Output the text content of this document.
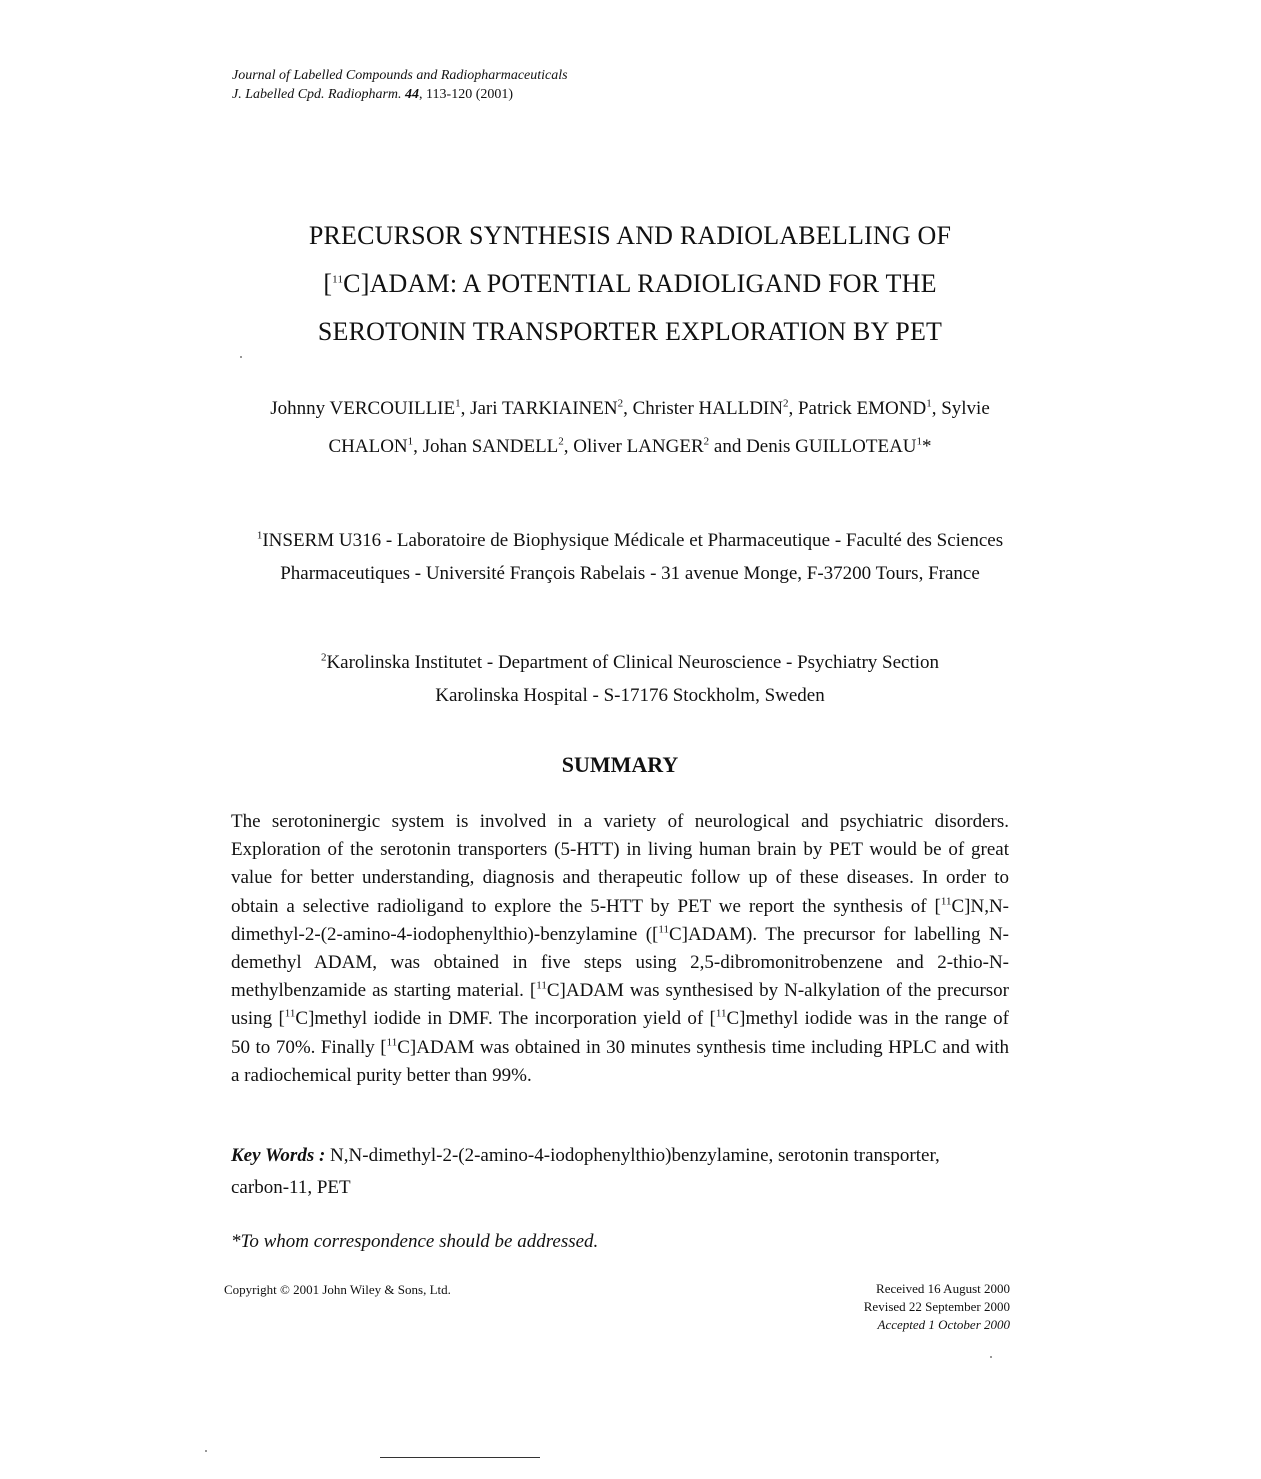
Journal of Labelled Compounds and Radiopharmaceuticals
J. Labelled Cpd. Radiopharm. 44, 113-120 (2001)
PRECURSOR SYNTHESIS AND RADIOLABELLING OF
[$^{11}$C]ADAM: A POTENTIAL RADIOLIGAND FOR THE
SEROTONIN TRANSPORTER EXPLORATION BY PET
Johnny VERCOUILLIE$^1$, Jari TARKIAINEN$^2$, Christer HALLDIN$^2$, Patrick EMOND$^1$, Sylvie CHALON$^1$, Johan SANDELL$^2$, Oliver LANGER$^2$ and Denis GUILLOTEAU$^1$*
$^1$INSERM U316 - Laboratoire de Biophysique Médicale et Pharmaceutique - Faculté des Sciences Pharmaceutiques - Université François Rabelais - 31 avenue Monge, F-37200 Tours, France
$^2$Karolinska Institutet - Department of Clinical Neuroscience - Psychiatry Section
Karolinska Hospital - S-17176 Stockholm, Sweden
SUMMARY
The serotoninergic system is involved in a variety of neurological and psychiatric disorders. Exploration of the serotonin transporters (5-HTT) in living human brain by PET would be of great value for better understanding, diagnosis and therapeutic follow up of these diseases. In order to obtain a selective radioligand to explore the 5-HTT by PET we report the synthesis of [$^{11}$C]N,N-dimethyl-2-(2-amino-4-iodophenylthio)-benzylamine ([$^{11}$C]ADAM). The precursor for labelling N-demethyl ADAM, was obtained in five steps using 2,5-dibromonitrobenzene and 2-thio-N-methylbenzamide as starting material. [$^{11}$C]ADAM was synthesised by N-alkylation of the precursor using [$^{11}$C]methyl iodide in DMF. The incorporation yield of [$^{11}$C]methyl iodide was in the range of 50 to 70%. Finally [$^{11}$C]ADAM was obtained in 30 minutes synthesis time including HPLC and with a radiochemical purity better than 99%.
Key Words : N,N-dimethyl-2-(2-amino-4-iodophenylthio)benzylamine, serotonin transporter, carbon-11, PET
*To whom correspondence should be addressed.
Copyright © 2001 John Wiley & Sons, Ltd.	Received 16 August 2000
Revised 22 September 2000
Accepted 1 October 2000
